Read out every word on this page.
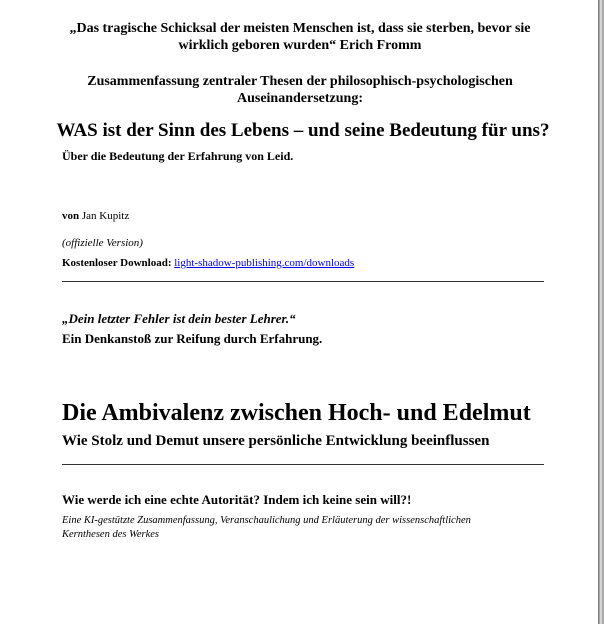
„Das tragische Schicksal der meisten Menschen ist, dass sie sterben, bevor sie
wirklich geboren wurden“ Erich Fromm
Zusammenfassung zentraler Thesen der philosophisch-psychologischen
Auseinandersetzung:
WAS ist der Sinn des Lebens – und seine Bedeutung für uns?
Über die Bedeutung der Erfahrung von Leid.
von Jan Kupitz
(offizielle Version)
Kostenloser Download: light-shadow-publishing.com/downloads
„Dein letzter Fehler ist dein bester Lehrer.“
Ein Denkanstoß zur Reifung durch Erfahrung.
Die Ambivalenz zwischen Hoch- und Edelmut
Wie Stolz und Demut unsere persönliche Entwicklung beeinflussen
Wie werde ich eine echte Autorität? Indem ich keine sein will?!
Eine KI-gestützte Zusammenfassung, Veranschaulichung und Erläuterung der wissenschaftlichen
Kernthesen des Werkes
